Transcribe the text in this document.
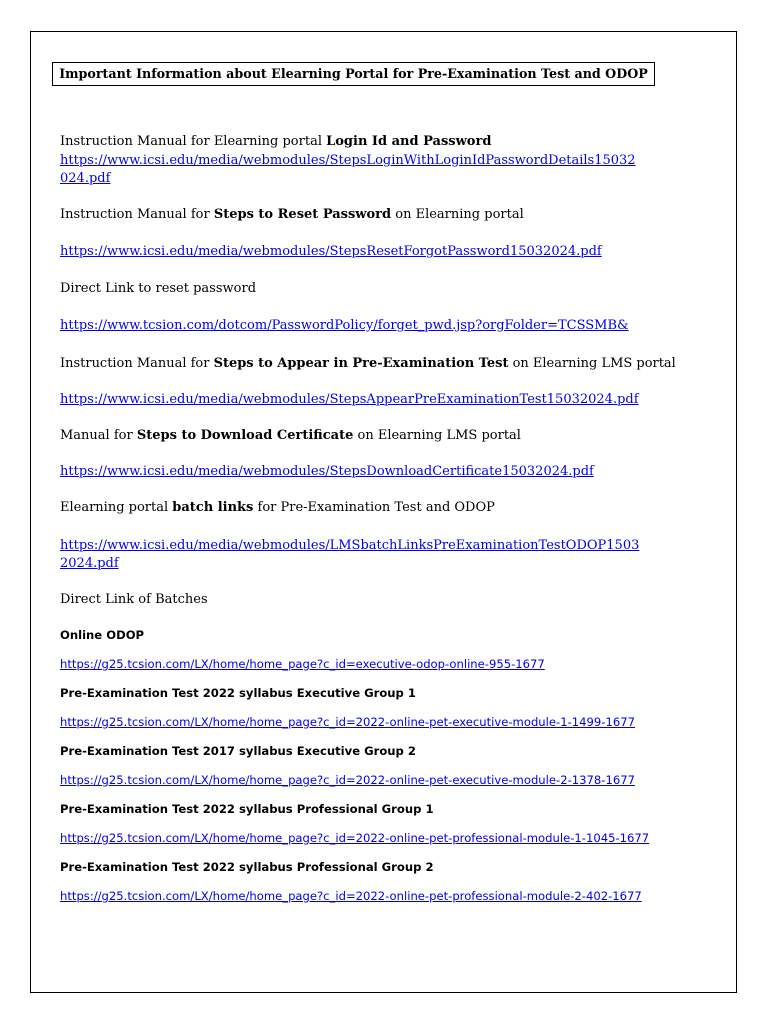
Important Information about Elearning Portal for Pre-Examination Test and ODOP
Instruction Manual for Elearning portal Login Id and Password
https://www.icsi.edu/media/webmodules/StepsLoginWithLoginIdPasswordDetails15032
024.pdf
Instruction Manual for Steps to Reset Password on Elearning portal
https://www.icsi.edu/media/webmodules/StepsResetForgotPassword15032024.pdf
Direct Link to reset password
https://www.tcsion.com/dotcom/PasswordPolicy/forget_pwd.jsp?orgFolder=TCSSMB&
Instruction Manual for Steps to Appear in Pre-Examination Test on Elearning LMS portal
https://www.icsi.edu/media/webmodules/StepsAppearPreExaminationTest15032024.pdf
Manual for Steps to Download Certificate on Elearning LMS portal
https://www.icsi.edu/media/webmodules/StepsDownloadCertificate15032024.pdf
Elearning portal batch links for Pre-Examination Test and ODOP
https://www.icsi.edu/media/webmodules/LMSbatchLinksPreExaminationTestODOP1503
2024.pdf
Direct Link of Batches
Online ODOP
https://g25.tcsion.com/LX/home/home_page?c_id=executive-odop-online-955-1677
Pre-Examination Test 2022 syllabus Executive Group 1
https://g25.tcsion.com/LX/home/home_page?c_id=2022-online-pet-executive-module-1-1499-1677
Pre-Examination Test 2017 syllabus Executive Group 2
https://g25.tcsion.com/LX/home/home_page?c_id=2022-online-pet-executive-module-2-1378-1677
Pre-Examination Test 2022 syllabus Professional Group 1
https://g25.tcsion.com/LX/home/home_page?c_id=2022-online-pet-professional-module-1-1045-1677
Pre-Examination Test 2022 syllabus Professional Group 2
https://g25.tcsion.com/LX/home/home_page?c_id=2022-online-pet-professional-module-2-402-1677
